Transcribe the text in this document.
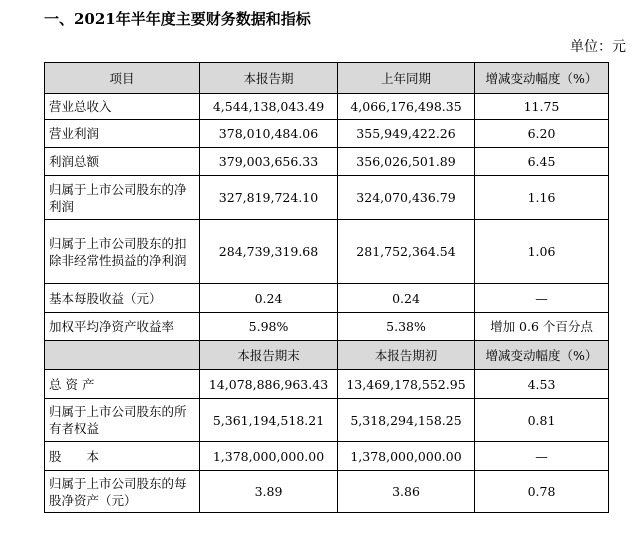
一、2021年半年度主要财务数据和指标
单位：元
项目	本报告期	上年同期	增减变动幅度（%）
营业总收入	4,544,138,043.49	4,066,176,498.35	11.75
营业利润	378,010,484.06	355,949,422.26	6.20
利润总额	379,003,656.33	356,026,501.89	6.45
归属于上市公司股东的净利润	327,819,724.10	324,070,436.79	1.16
归属于上市公司股东的扣除非经常性损益的净利润	284,739,319.68	281,752,364.54	1.06
基本每股收益（元）	0.24	0.24	—
加权平均净资产收益率	5.98%	5.38%	增加 0.6 个百分点
	本报告期末	本报告期初	增减变动幅度（%）
总 资 产	14,078,886,963.43	13,469,178,552.95	4.53
归属于上市公司股东的所有者权益	5,361,194,518.21	5,318,294,158.25	0.81
股　　本	1,378,000,000.00	1,378,000,000.00	—
归属于上市公司股东的每股净资产（元）	3.89	3.86	0.78
